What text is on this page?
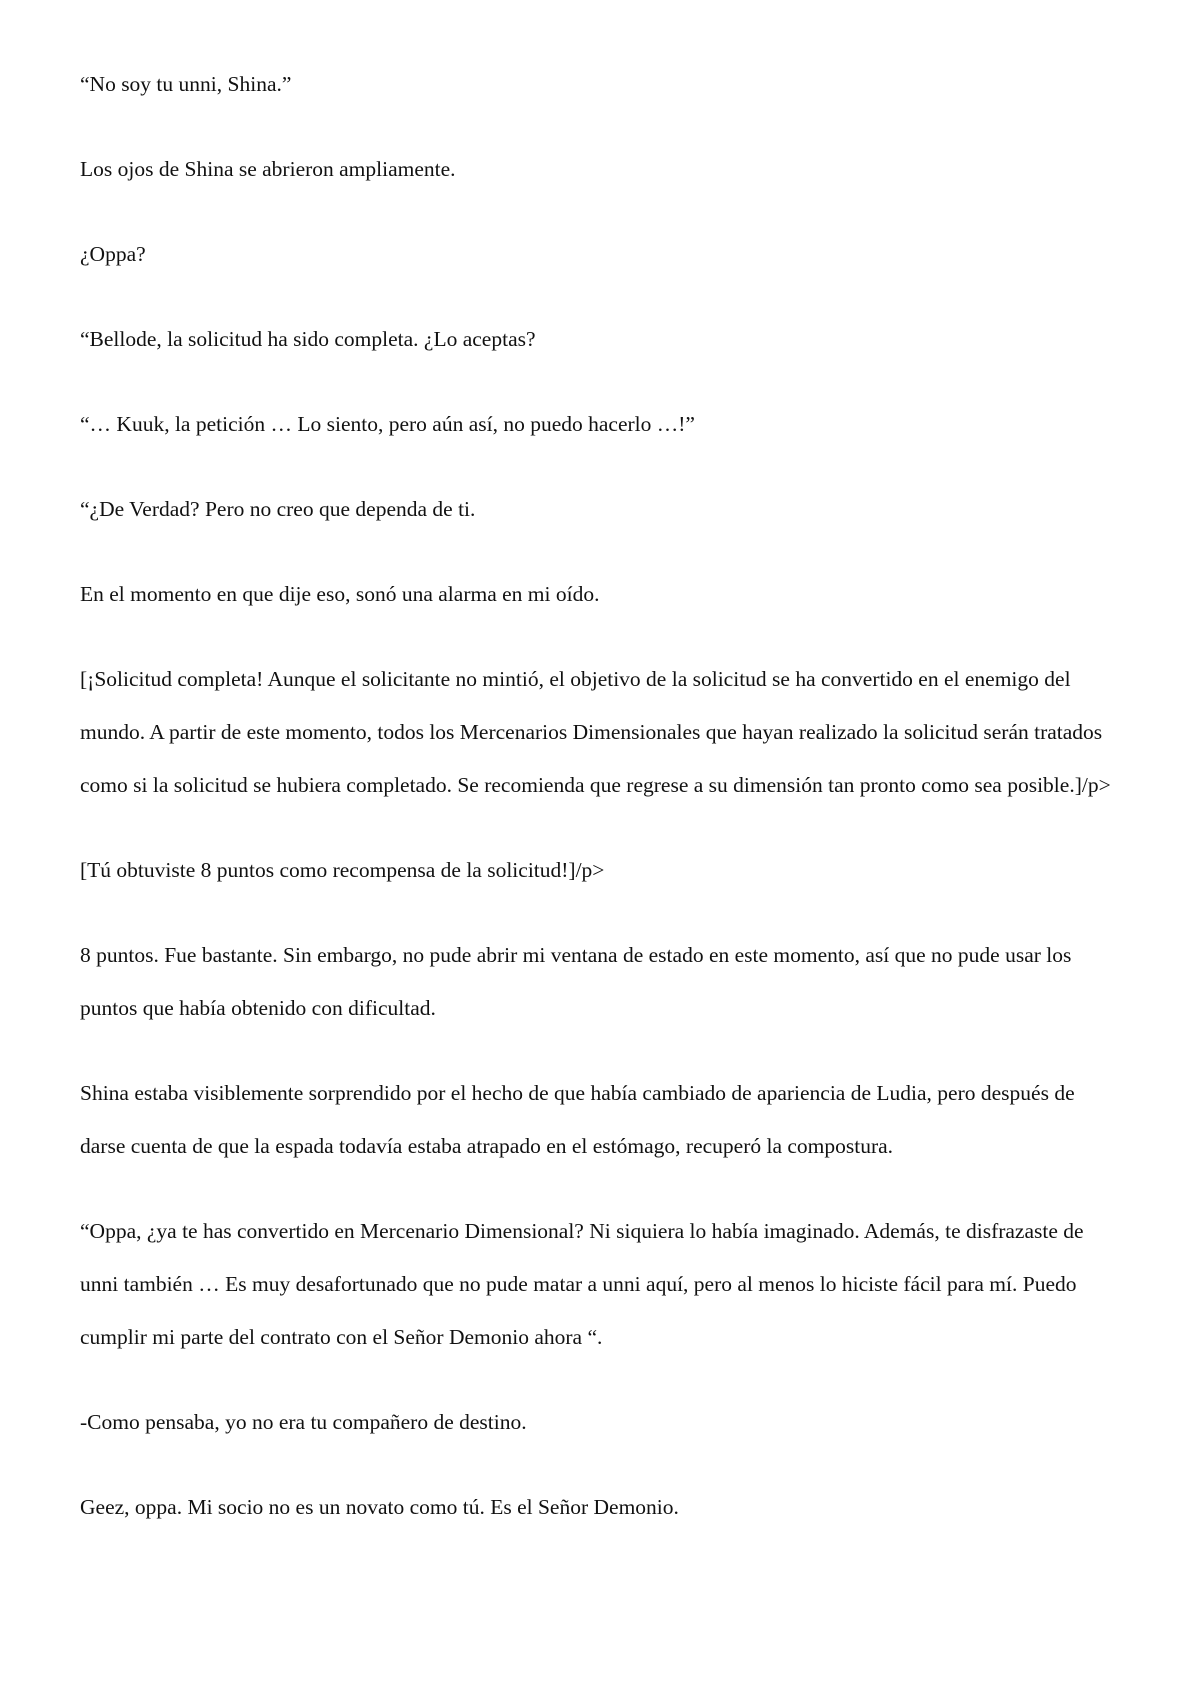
“No soy tu unni, Shina.”

Los ojos de Shina se abrieron ampliamente.

¿Oppa?

“Bellode, la solicitud ha sido completa. ¿Lo aceptas?

“… Kuuk, la petición … Lo siento, pero aún así, no puedo hacerlo …!”

“¿De Verdad? Pero no creo que dependa de ti.

En el momento en que dije eso, sonó una alarma en mi oído.

[¡Solicitud completa! Aunque el solicitante no mintió, el objetivo de la solicitud se ha convertido en el enemigo del mundo. A partir de este momento, todos los Mercenarios Dimensionales que hayan realizado la solicitud serán tratados como si la solicitud se hubiera completado. Se recomienda que regrese a su dimensión tan pronto como sea posible.]/p>

[Tú obtuviste 8 puntos como recompensa de la solicitud!]/p>

8 puntos. Fue bastante. Sin embargo, no pude abrir mi ventana de estado en este momento, así que no pude usar los puntos que había obtenido con dificultad.

Shina estaba visiblemente sorprendido por el hecho de que había cambiado de apariencia de Ludia, pero después de darse cuenta de que la espada todavía estaba atrapado en el estómago, recuperó la compostura.

“Oppa, ¿ya te has convertido en Mercenario Dimensional? Ni siquiera lo había imaginado. Además, te disfrazaste de unni también … Es muy desafortunado que no pude matar a unni aquí, pero al menos lo hiciste fácil para mí. Puedo cumplir mi parte del contrato con el Señor Demonio ahora “.

-Como pensaba, yo no era tu compañero de destino.

Geez, oppa. Mi socio no es un novato como tú. Es el Señor Demonio.
